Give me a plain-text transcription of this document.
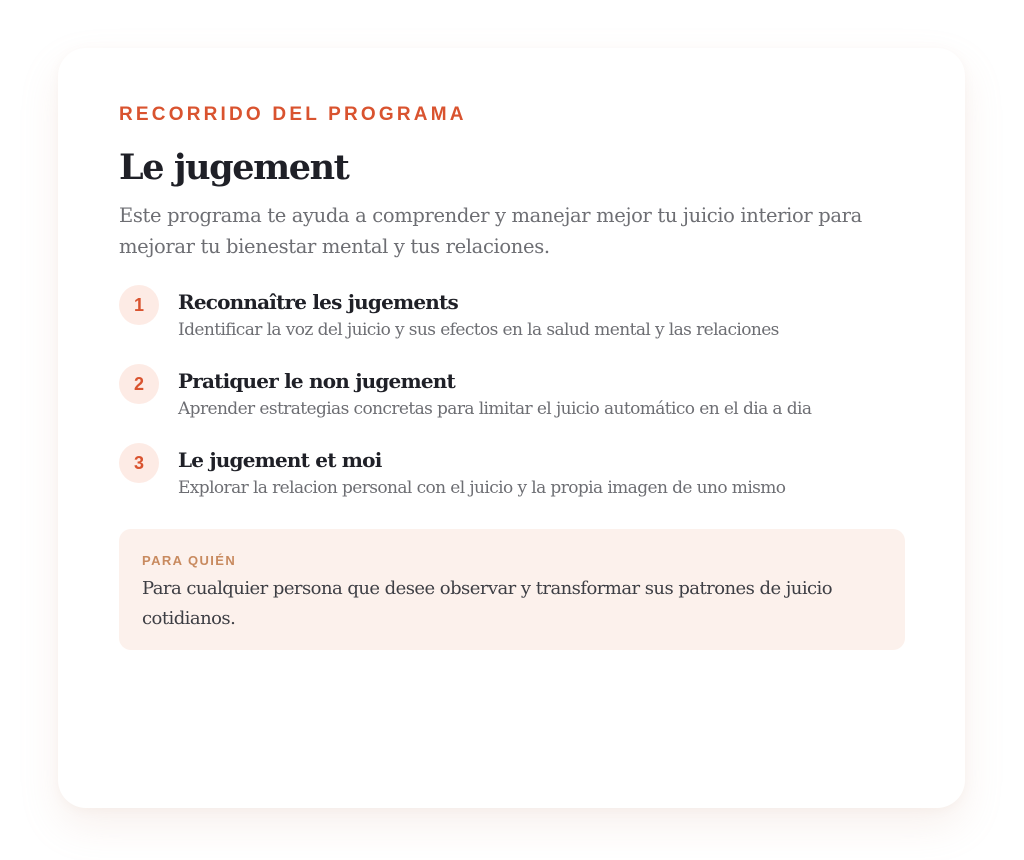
RECORRIDO DEL PROGRAMA

Le jugement

Este programa te ayuda a comprender y manejar mejor tu juicio interior para mejorar tu bienestar mental y tus relaciones.

1	Reconnaître les jugements

Identificar la voz del juicio y sus efectos en la salud mental y las relaciones

2	Pratiquer le non jugement

Aprender estrategias concretas para limitar el juicio automático en el dia a dia

3	Le jugement et moi

Explorar la relacion personal con el juicio y la propia imagen de uno mismo

PARA QUIÉN

Para cualquier persona que desee observar y transformar sus patrones de juicio cotidianos.
